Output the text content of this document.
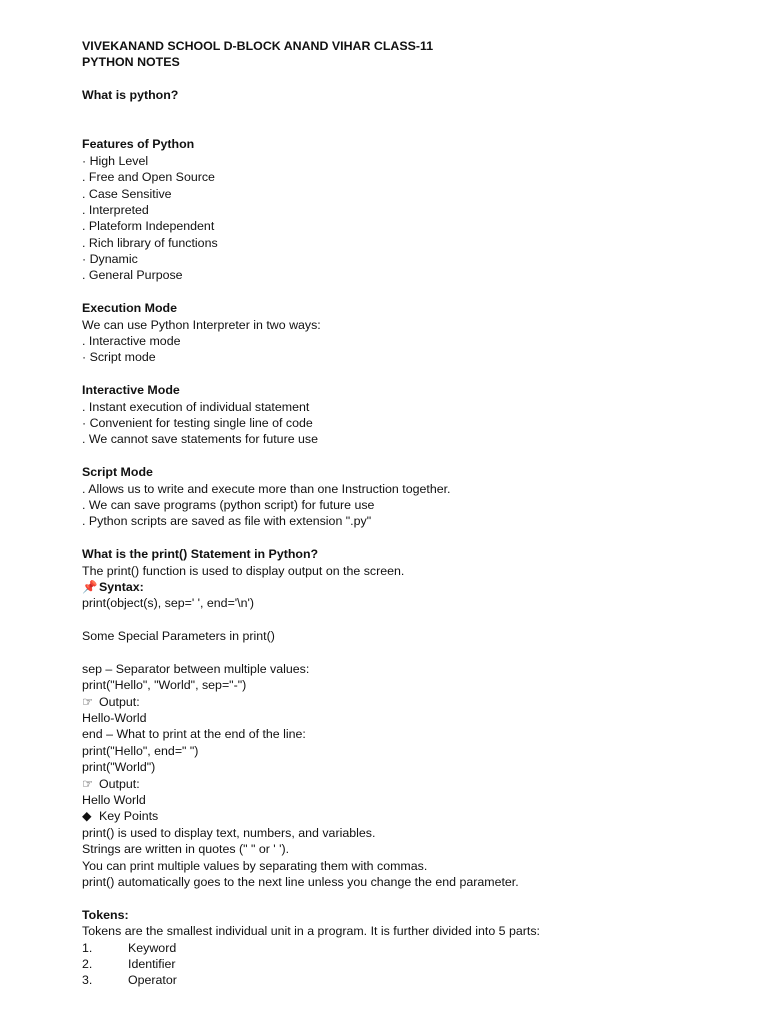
VIVEKANAND SCHOOL D-BLOCK ANAND VIHAR CLASS-11
PYTHON NOTES
What is python?
Features of Python
· High Level
. Free and Open Source
. Case Sensitive
. Interpreted
. Plateform Independent
. Rich library of functions
· Dynamic
. General Purpose
Execution Mode
We can use Python Interpreter in two ways:
. Interactive mode
· Script mode
Interactive Mode
. Instant execution of individual statement
· Convenient for testing single line of code
. We cannot save statements for future use
Script Mode
. Allows us to write and execute more than one Instruction together.
. We can save programs (python script) for future use
. Python scripts are saved as file with extension ".py"
What is the print() Statement in Python?
The print() function is used to display output on the screen.
📌 Syntax:
print(object(s), sep=' ', end='\n')
Some Special Parameters in print()
sep – Separator between multiple values:
print("Hello", "World", sep="-")
☞ Output:
Hello-World
end – What to print at the end of the line:
print("Hello", end=" ")
print("World")
☞ Output:
Hello World
◆ Key Points
print() is used to display text, numbers, and variables.
Strings are written in quotes (" " or ' ').
You can print multiple values by separating them with commas.
print() automatically goes to the next line unless you change the end parameter.
Tokens:
Tokens are the smallest individual unit in a program. It is further divided into 5 parts:
1.	Keyword
2.	Identifier
3.	Operator
